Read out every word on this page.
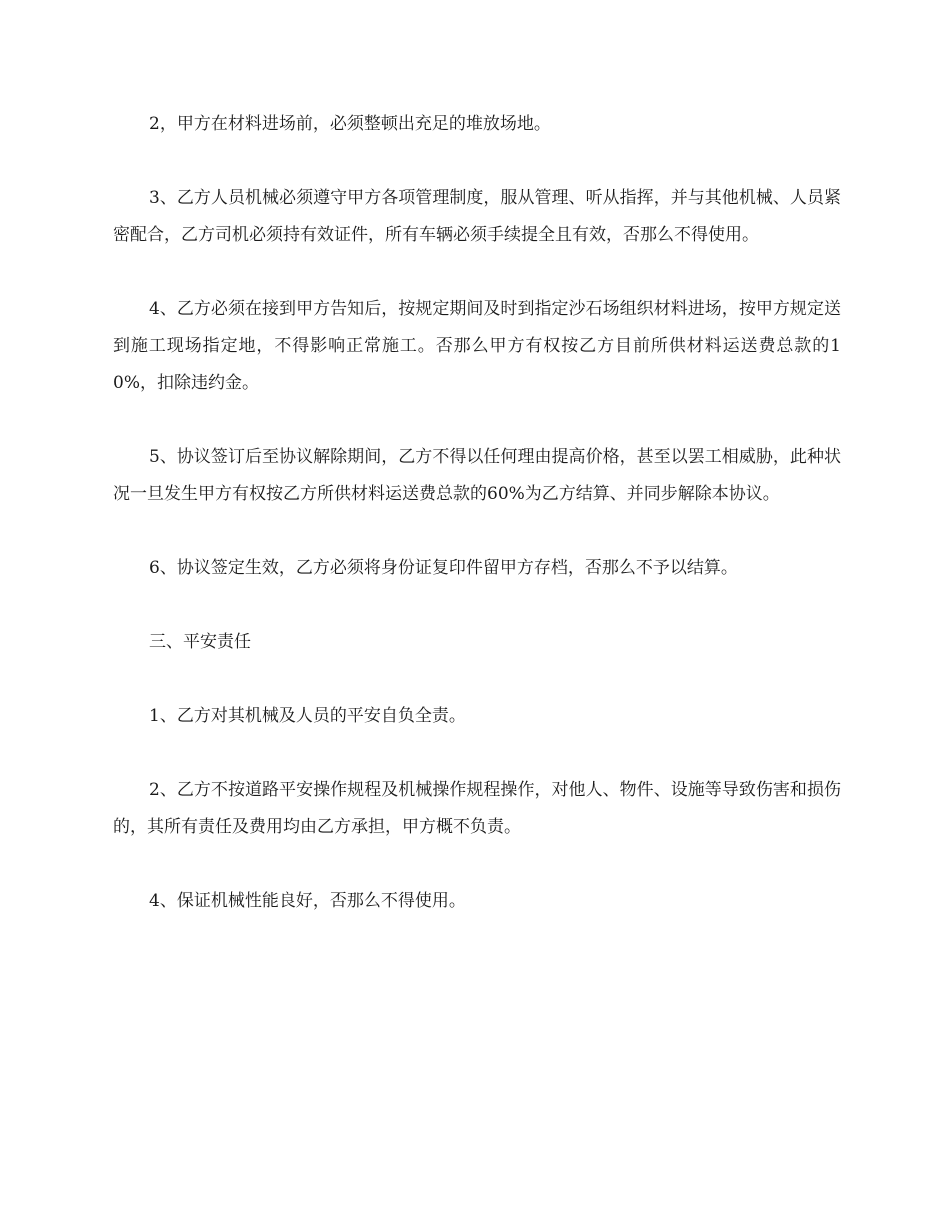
2，甲方在材料进场前，必须整顿出充足的堆放场地。

3、乙方人员机械必须遵守甲方各项管理制度，服从管理、听从指挥，并与其他机械、人员紧密配合，乙方司机必须持有效证件，所有车辆必须手续提全且有效，否那么不得使用。

4、乙方必须在接到甲方告知后，按规定期间及时到指定沙石场组织材料进场，按甲方规定送到施工现场指定地，不得影响正常施工。否那么甲方有权按乙方目前所供材料运送费总款的10%，扣除违约金。

5、协议签订后至协议解除期间，乙方不得以任何理由提高价格，甚至以罢工相威胁，此种状况一旦发生甲方有权按乙方所供材料运送费总款的60%为乙方结算、并同步解除本协议。

6、协议签定生效，乙方必须将身份证复印件留甲方存档，否那么不予以结算。

三、平安责任

1、乙方对其机械及人员的平安自负全责。

2、乙方不按道路平安操作规程及机械操作规程操作，对他人、物件、设施等导致伤害和损伤的，其所有责任及费用均由乙方承担，甲方概不负责。

4、保证机械性能良好，否那么不得使用。
